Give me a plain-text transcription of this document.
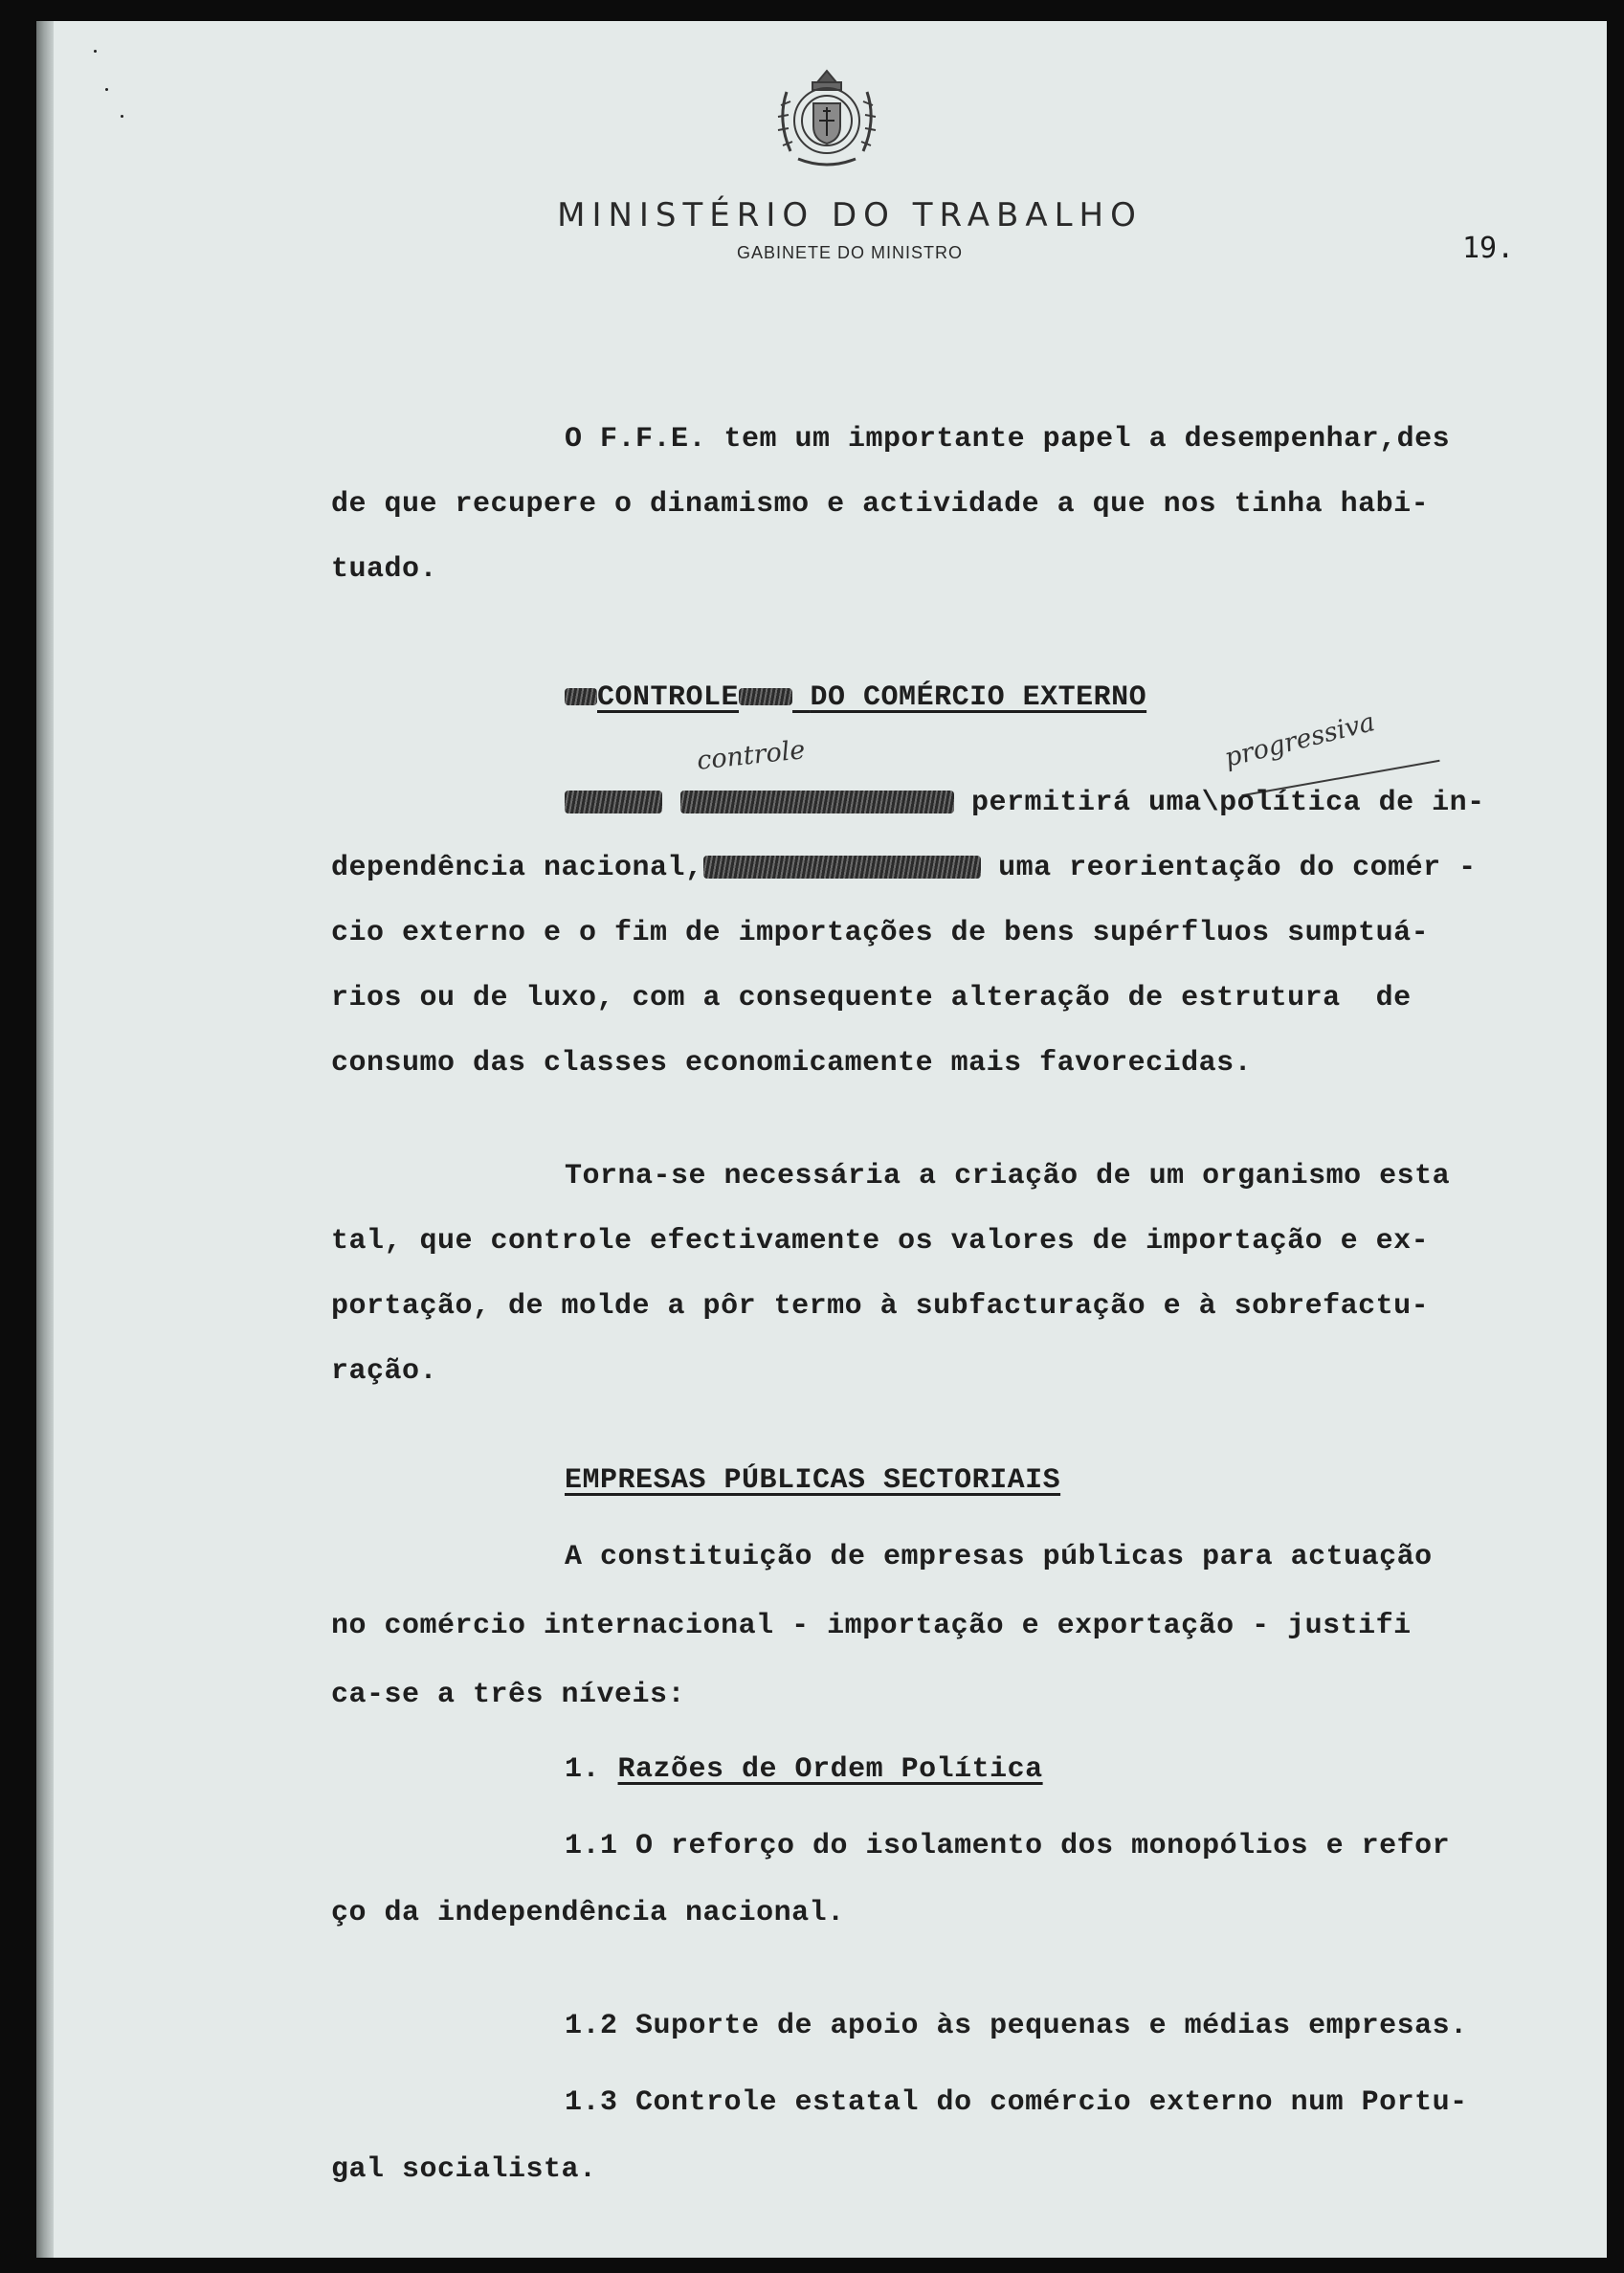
MINISTÉRIO DO TRABALHO
GABINETE DO MINISTRO	19.
O F.F.E. tem um importante papel a desempenhar,des
de que recupere o dinamismo e actividade a que nos tinha habi-
tuado.
CONTROLE DO COMÉRCIO EXTERNO
controle	progressiva
permitirá uma\política de in-
dependência nacional,	uma reorientação do comér -
cio externo e o fim de importações de bens supérfluos sumptuá-
rios ou de luxo, com a consequente alteração de estrutura  de
consumo das classes economicamente mais favorecidas.
Torna-se necessária a criação de um organismo esta
tal, que controle efectivamente os valores de importação e ex-
portação, de molde a pôr termo à subfacturação e à sobrefactu-
ração.
EMPRESAS PÚBLICAS SECTORIAIS
A constituição de empresas públicas para actuação
no comércio internacional - importação e exportação - justifi
ca-se a três níveis:
1. Razões de Ordem Política
1.1 O reforço do isolamento dos monopólios e refor
ço da independência nacional.
1.2 Suporte de apoio às pequenas e médias empresas.
1.3 Controle estatal do comércio externo num Portu-
gal socialista.
